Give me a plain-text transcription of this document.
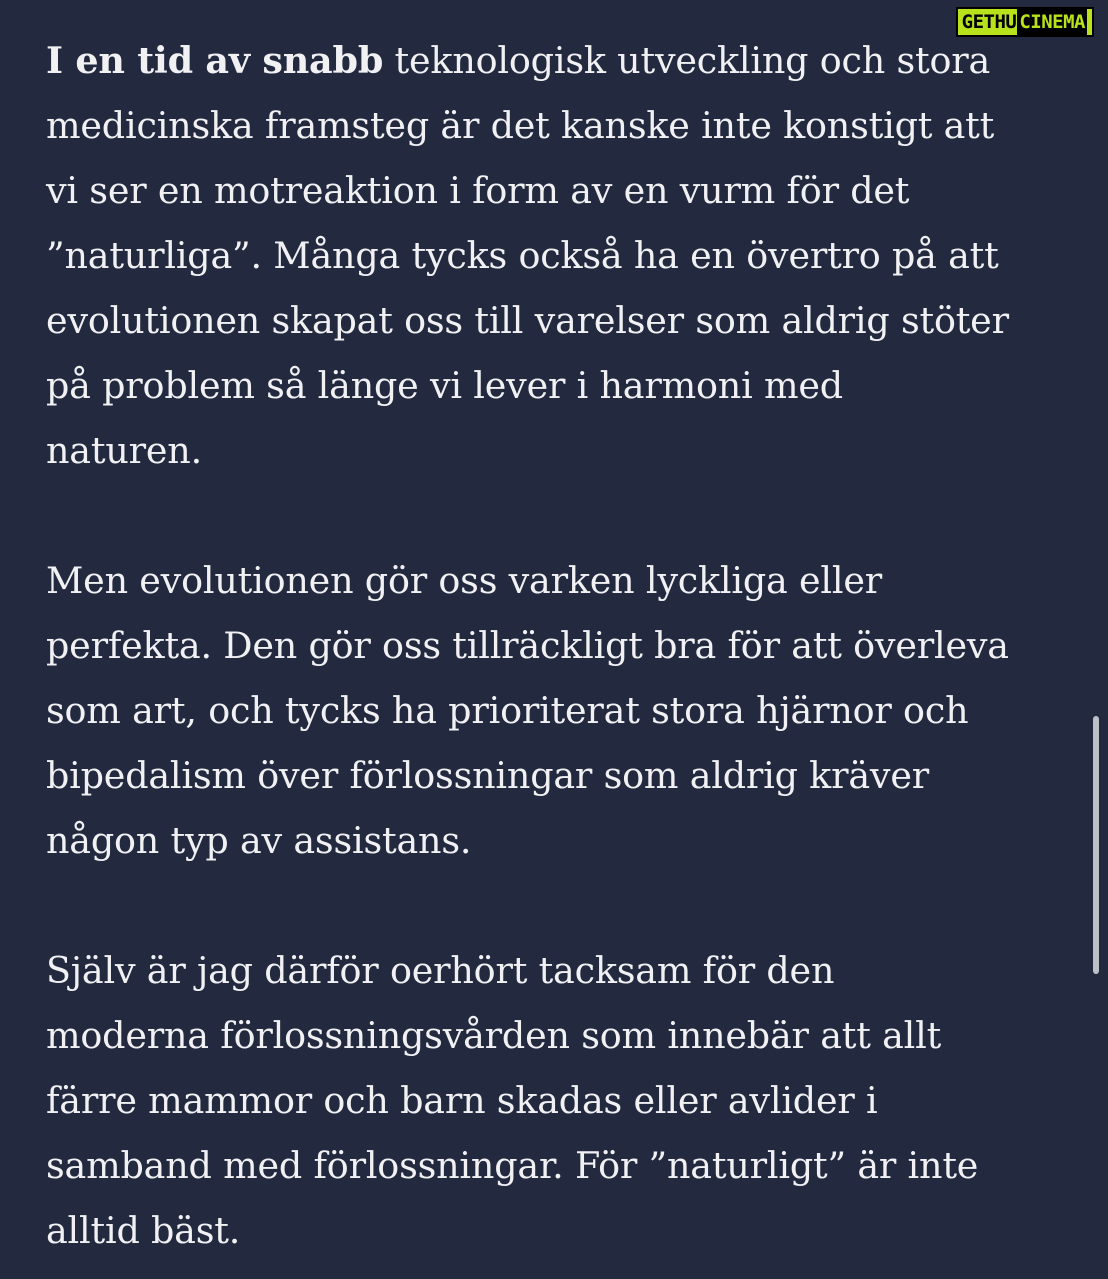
GETHU CINEMA

I en tid av snabb teknologisk utveckling och stora
medicinska framsteg är det kanske inte konstigt att
vi ser en motreaktion i form av en vurm för det
”naturliga”. Många tycks också ha en övertro på att
evolutionen skapat oss till varelser som aldrig stöter
på problem så länge vi lever i harmoni med
naturen.

Men evolutionen gör oss varken lyckliga eller
perfekta. Den gör oss tillräckligt bra för att överleva
som art, och tycks ha prioriterat stora hjärnor och
bipedalism över förlossningar som aldrig kräver
någon typ av assistans.

Själv är jag därför oerhört tacksam för den
moderna förlossningsvården som innebär att allt
färre mammor och barn skadas eller avlider i
samband med förlossningar. För ”naturligt” är inte
alltid bäst.
